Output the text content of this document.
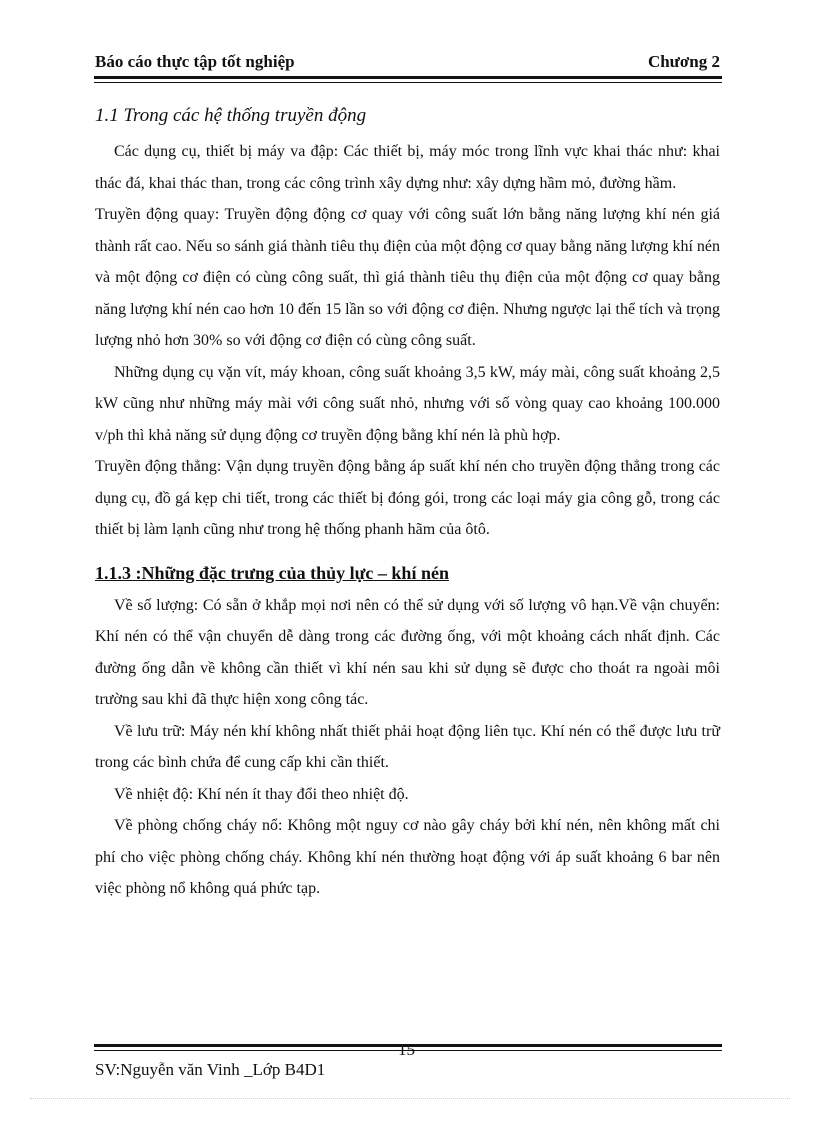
Báo cáo thực tập tốt nghiệp	Chương 2
1.1 Trong các hệ thống truyền động

Các dụng cụ, thiết bị máy va đập: Các thiết bị, máy móc trong lĩnh vực khai thác như: khai thác đá, khai thác than, trong các công trình xây dựng như: xây dựng hầm mỏ, đường hầm.

Truyền động quay: Truyền động động cơ quay với công suất lớn bằng năng lượng khí nén giá thành rất cao. Nếu so sánh giá thành tiêu thụ điện của một động cơ quay bằng năng lượng khí nén và một động cơ điện có cùng công suất, thì giá thành tiêu thụ điện của một động cơ quay bằng năng lượng khí nén cao hơn 10 đến 15 lần so với động cơ điện. Nhưng ngược lại thể tích và trọng lượng nhỏ hơn 30% so với động cơ điện có cùng công suất.

Những dụng cụ vặn vít, máy khoan, công suất khoảng 3,5 kW, máy mài, công suất khoảng 2,5 kW cũng như những máy mài với công suất nhỏ, nhưng với số vòng quay cao khoảng 100.000 v/ph thì khả năng sử dụng động cơ truyền động bằng khí nén là phù hợp.

Truyền động thẳng: Vận dụng truyền động bằng áp suất khí nén cho truyền động thẳng trong các dụng cụ, đồ gá kẹp chi tiết, trong các thiết bị đóng gói, trong các loại máy gia công gỗ, trong các thiết bị làm lạnh cũng như trong hệ thống phanh hãm của ôtô.

1.1.3 :Những đặc trưng của thủy lực – khí nén

Về số lượng: Có sẵn ở khắp mọi nơi nên có thể sử dụng với số lượng vô hạn.Về vận chuyển: Khí nén có thể vận chuyển dễ dàng trong các đường ống, với một khoảng cách nhất định. Các đường ống dẫn về không cần thiết vì khí nén sau khi sử dụng sẽ được cho thoát ra ngoài môi trường sau khi đã thực hiện xong công tác.

Về lưu trữ: Máy nén khí không nhất thiết phải hoạt động liên tục. Khí nén có thể được lưu trữ trong các bình chứa để cung cấp khi cần thiết.

Về nhiệt độ: Khí nén ít thay đổi theo nhiệt độ.

Về phòng chống cháy nổ: Không một nguy cơ nào gây cháy bởi khí nén, nên không mất chi phí cho việc phòng chống cháy. Không khí nén thường hoạt động với áp suất khoảng 6 bar nên việc phòng nổ không quá phức tạp.

15
SV:Nguyễn văn Vinh _Lớp B4D1
